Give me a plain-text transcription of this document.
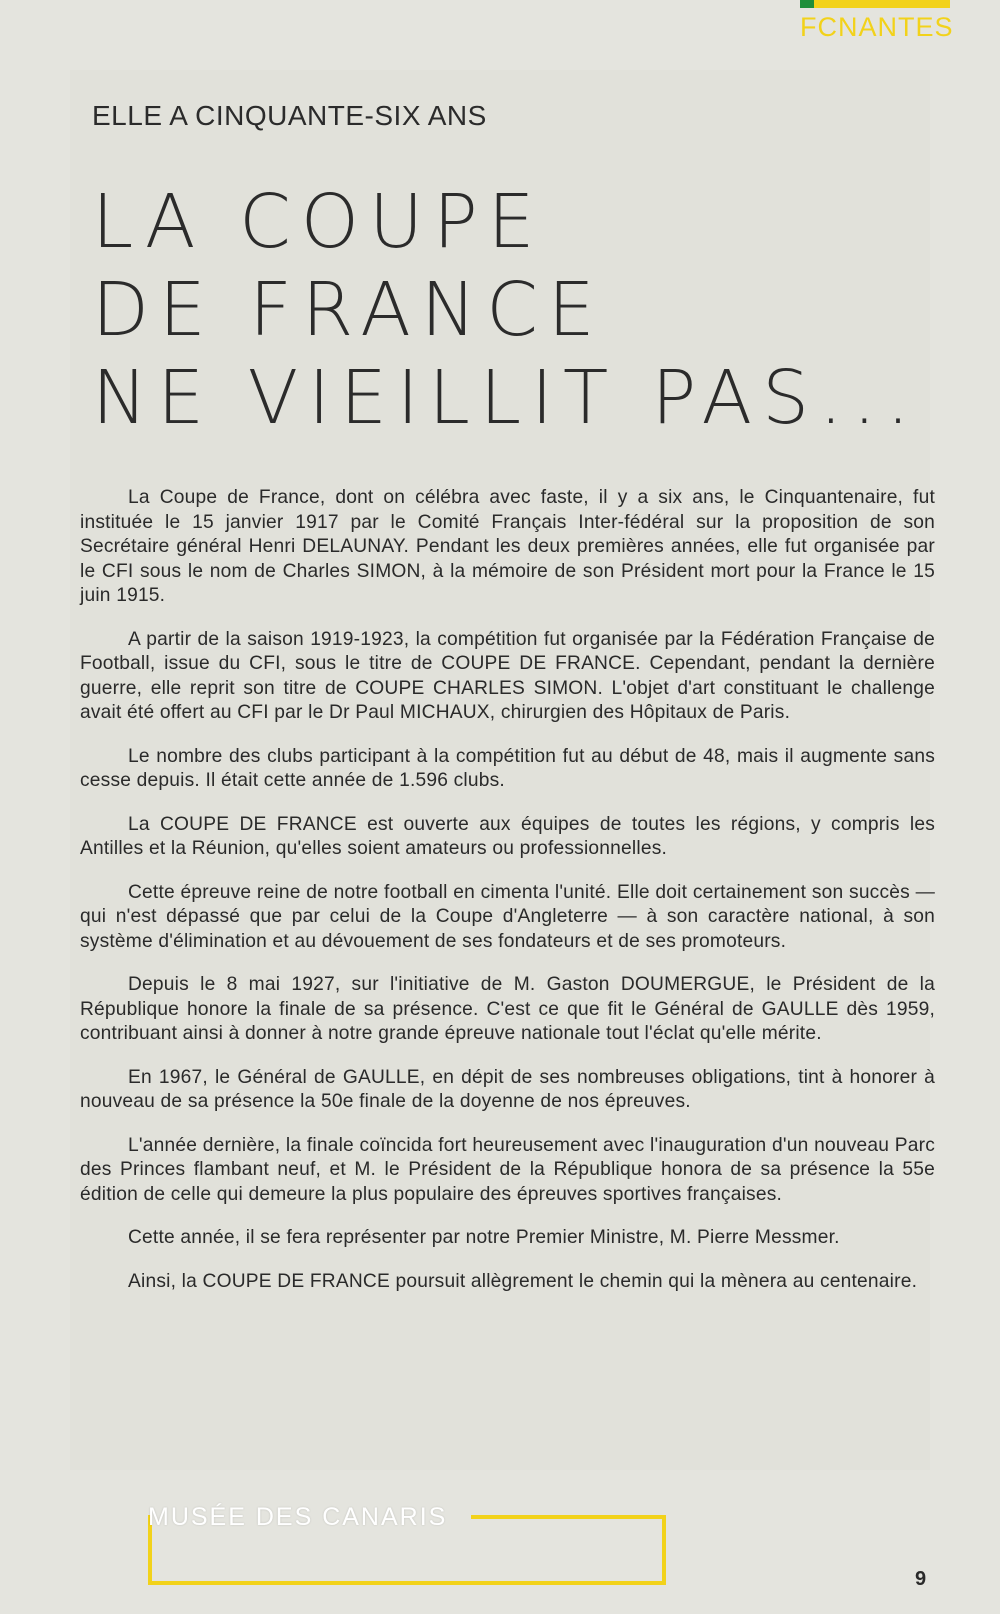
FCNANTES
ELLE A CINQUANTE-SIX ANS
LA COUPE
DE FRANCE
NE VIEILLIT PAS...

La Coupe de France, dont on célébra avec faste, il y a six ans, le Cinquantenaire, fut instituée le 15 janvier 1917 par le Comité Français Inter-fédéral sur la proposition de son Secrétaire général Henri DELAUNAY. Pendant les deux premières années, elle fut organisée par le CFI sous le nom de Charles SIMON, à la mémoire de son Président mort pour la France le 15 juin 1915.

A partir de la saison 1919-1923, la compétition fut organisée par la Fédération Française de Football, issue du CFI, sous le titre de COUPE DE FRANCE. Cependant, pendant la dernière guerre, elle reprit son titre de COUPE CHARLES SIMON. L'objet d'art constituant le challenge avait été offert au CFI par le Dr Paul MICHAUX, chirurgien des Hôpitaux de Paris.

Le nombre des clubs participant à la compétition fut au début de 48, mais il augmente sans cesse depuis. Il était cette année de 1.596 clubs.

La COUPE DE FRANCE est ouverte aux équipes de toutes les régions, y compris les Antilles et la Réunion, qu'elles soient amateurs ou professionnelles.

Cette épreuve reine de notre football en cimenta l'unité. Elle doit certainement son succès — qui n'est dépassé que par celui de la Coupe d'Angleterre — à son caractère national, à son système d'élimination et au dévouement de ses fondateurs et de ses promoteurs.

Depuis le 8 mai 1927, sur l'initiative de M. Gaston DOUMERGUE, le Président de la République honore la finale de sa présence. C'est ce que fit le Général de GAULLE dès 1959, contribuant ainsi à donner à notre grande épreuve nationale tout l'éclat qu'elle mérite.

En 1967, le Général de GAULLE, en dépit de ses nombreuses obligations, tint à honorer à nouveau de sa présence la 50e finale de la doyenne de nos épreuves.

L'année dernière, la finale coïncida fort heureusement avec l'inauguration d'un nouveau Parc des Princes flambant neuf, et M. le Président de la République honora de sa présence la 55e édition de celle qui demeure la plus populaire des épreuves sportives françaises.

Cette année, il se fera représenter par notre Premier Ministre, M. Pierre Messmer.

Ainsi, la COUPE DE FRANCE poursuit allègrement le chemin qui la mènera au centenaire.

MUSÉE DES CANARIS
9
